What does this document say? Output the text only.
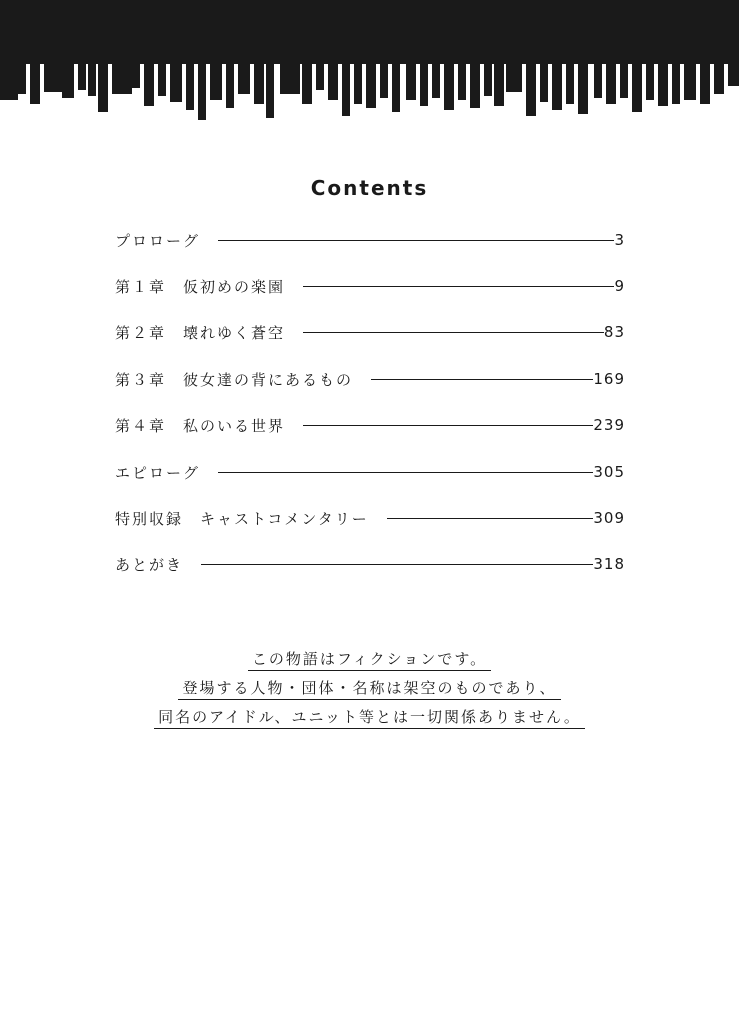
Contents
プロローグ	3
第１章　仮初めの楽園	9
第２章　壊れゆく蒼空	83
第３章　彼女達の背にあるもの	169
第４章　私のいる世界	239
エピローグ	305
特別収録　キャストコメンタリー	309
あとがき	318
この物語はフィクションです。
登場する人物・団体・名称は架空のものであり、
同名のアイドル、ユニット等とは一切関係ありません。
